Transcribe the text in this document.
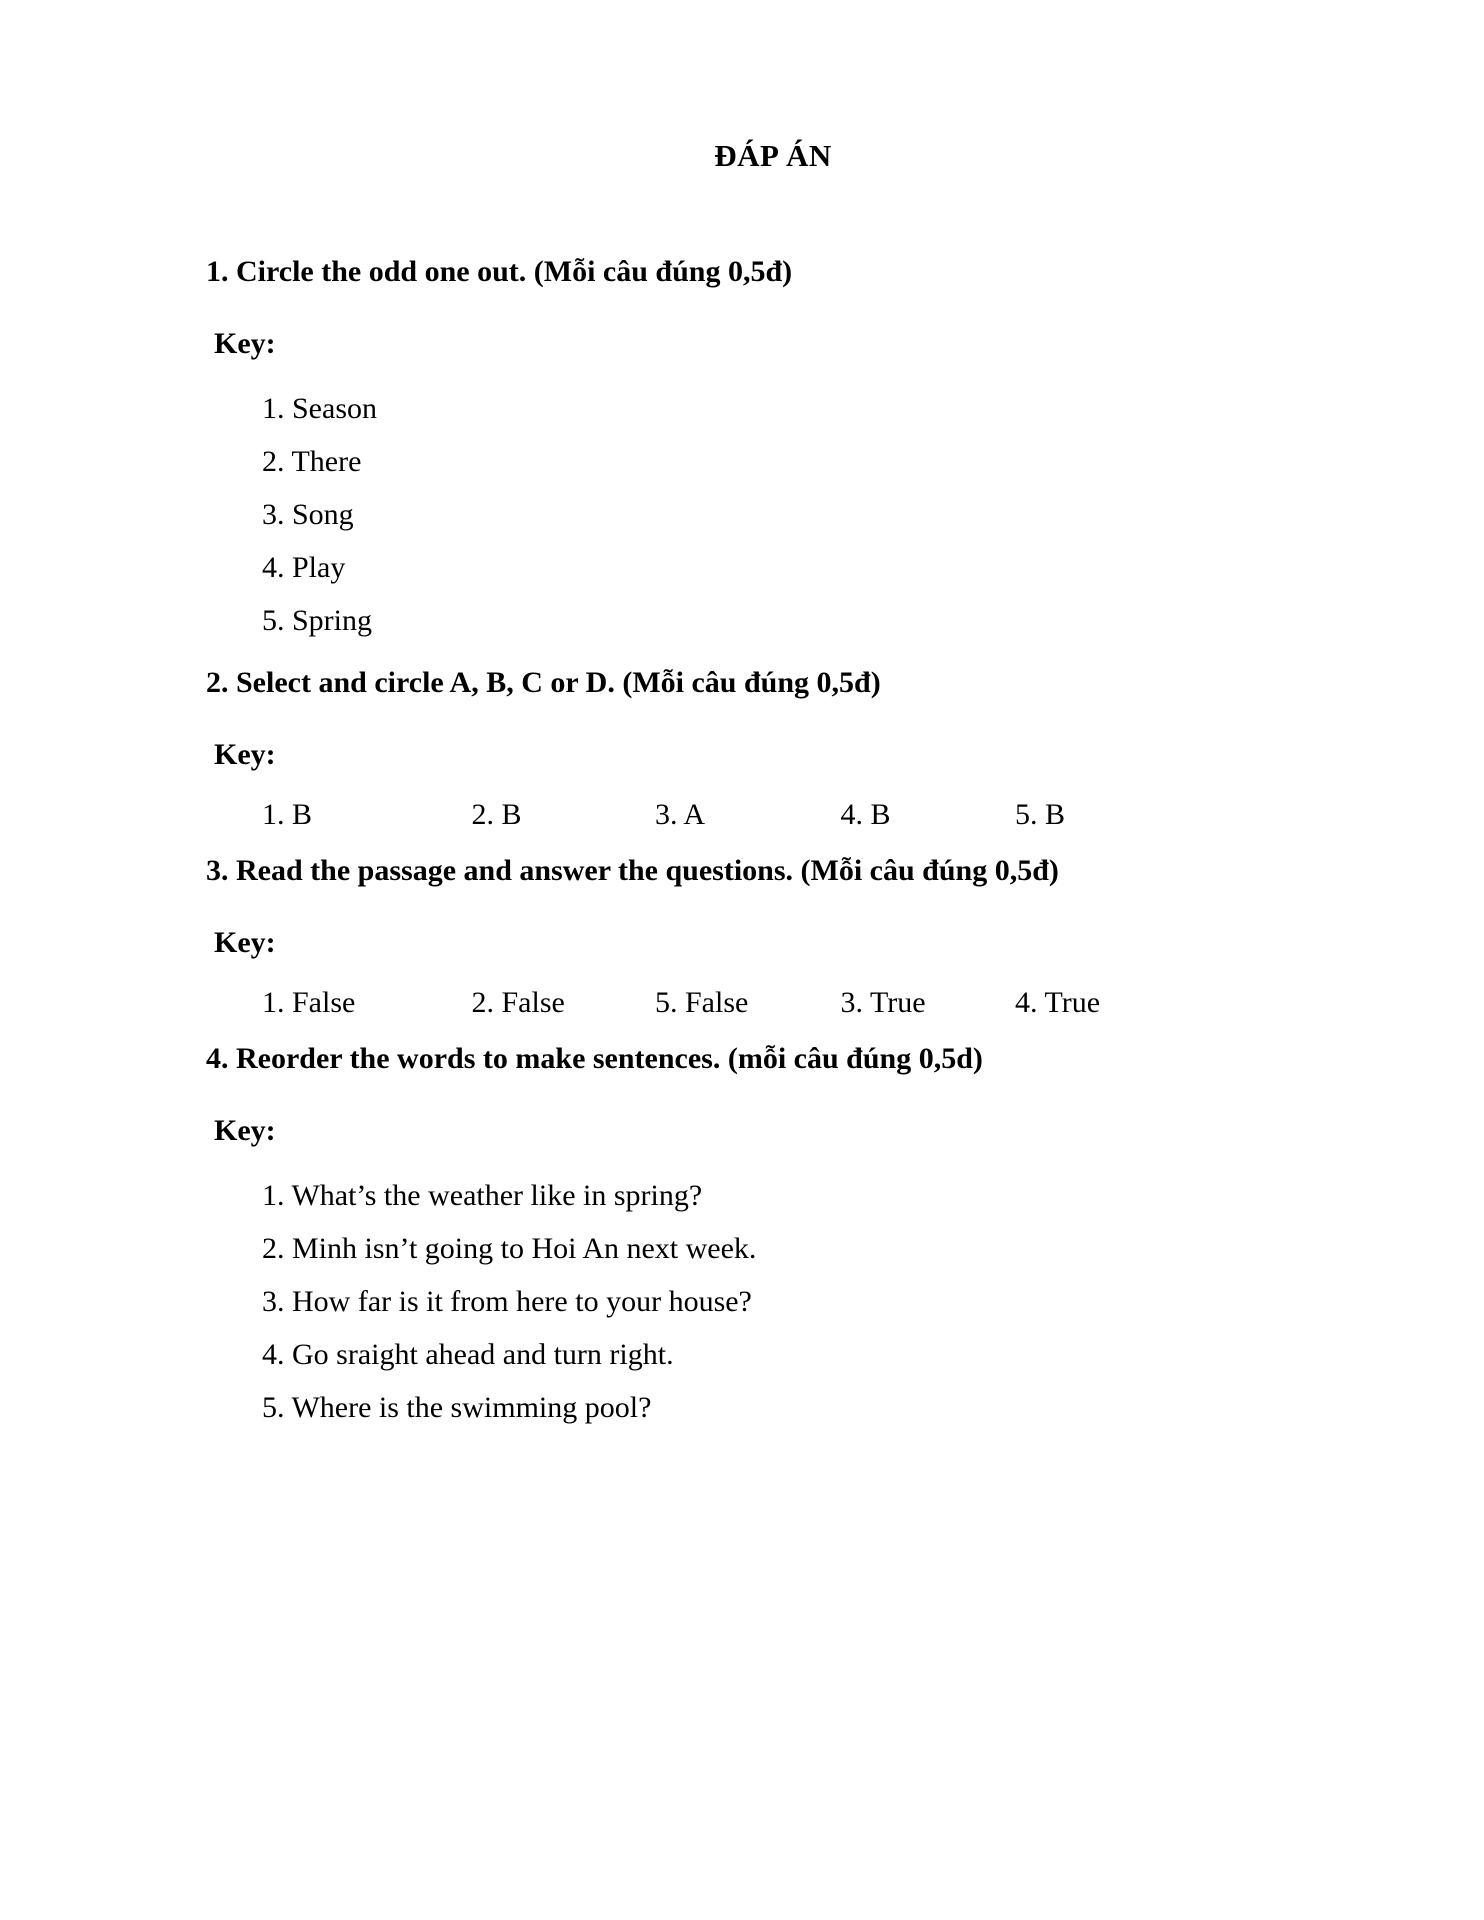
ĐÁP ÁN
1. Circle the odd one out. (Mỗi câu đúng 0,5đ)
Key:
1. Season
2. There
3. Song
4. Play
5. Spring
2. Select and circle A, B, C or D. (Mỗi câu đúng 0,5đ)
Key:
1. B	2. B	3. A	4. B	5. B
3. Read the passage and answer the questions. (Mỗi câu đúng 0,5đ)
Key:
1. False	2. False	5. False	3. True	4. True
4. Reorder the words to make sentences. (mỗi câu đúng 0,5d)
Key:
1. What’s the weather like in spring?
2. Minh isn’t going to Hoi An next week.
3. How far is it from here to your house?
4. Go sraight ahead and turn right.
5. Where is the swimming pool?
